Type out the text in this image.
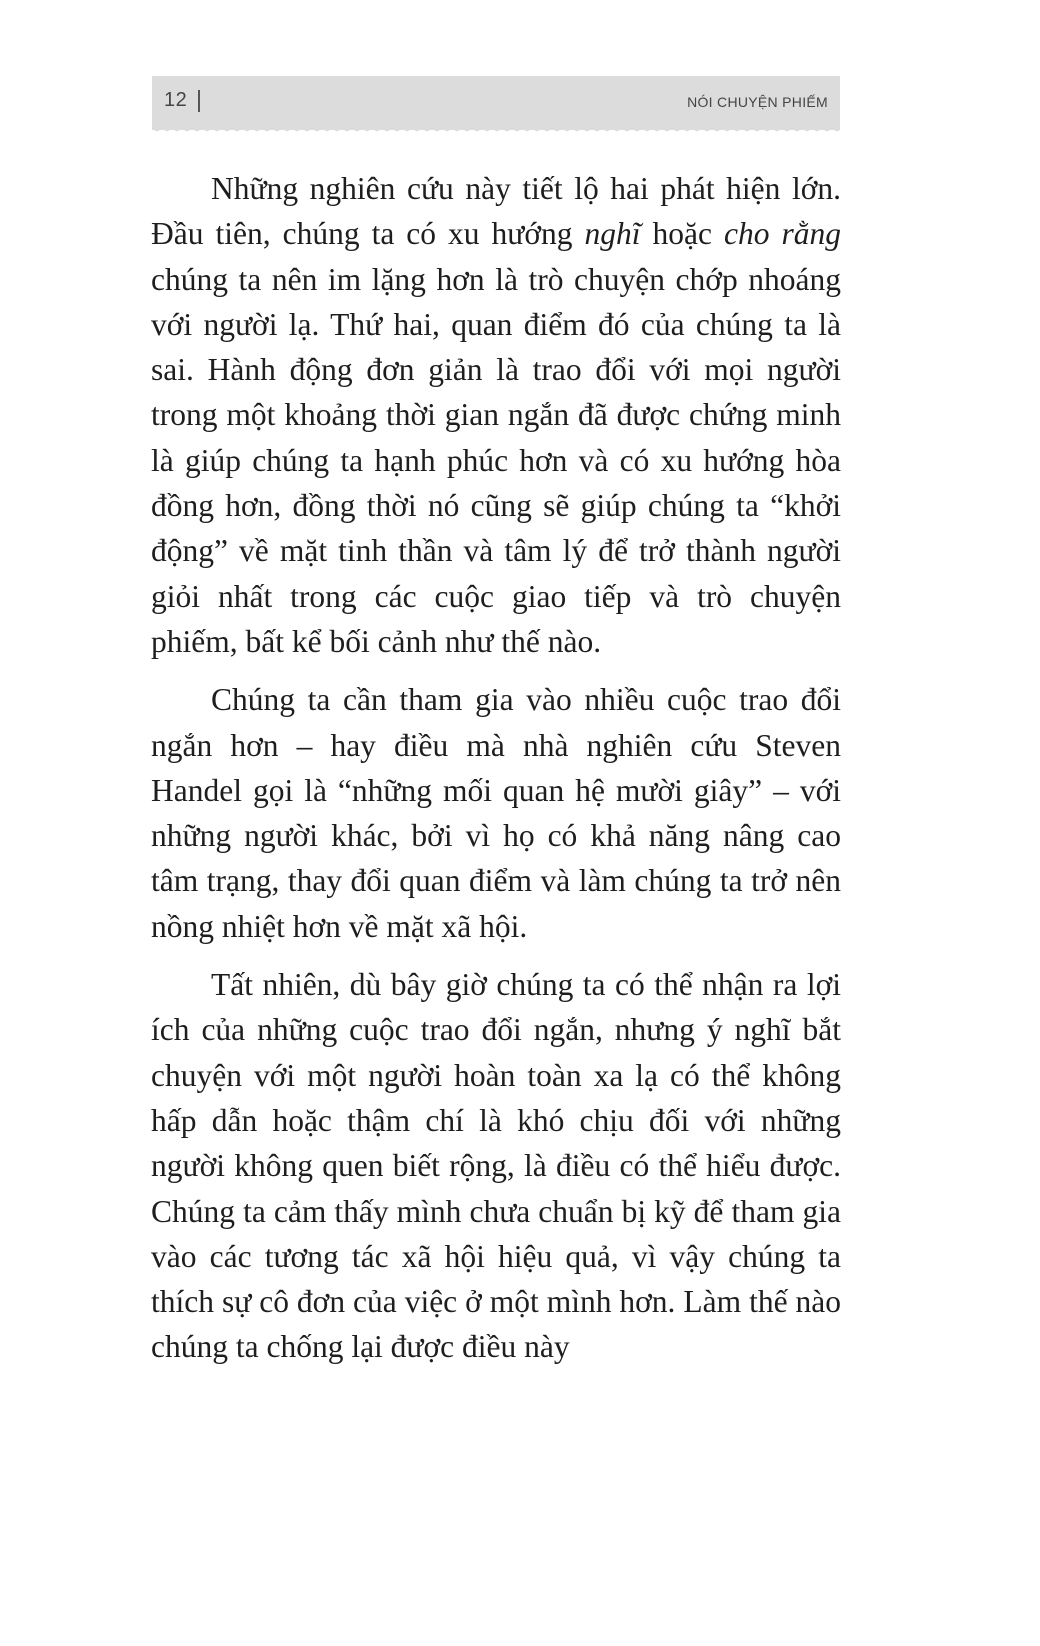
12	NÓI CHUYỆN PHIẾM

Những nghiên cứu này tiết lộ hai phát hiện lớn. Đầu tiên, chúng ta có xu hướng nghĩ hoặc cho rằng chúng ta nên im lặng hơn là trò chuyện chớp nhoáng với người lạ. Thứ hai, quan điểm đó của chúng ta là sai. Hành động đơn giản là trao đổi với mọi người trong một khoảng thời gian ngắn đã được chứng minh là giúp chúng ta hạnh phúc hơn và có xu hướng hòa đồng hơn, đồng thời nó cũng sẽ giúp chúng ta “khởi động” về mặt tinh thần và tâm lý để trở thành người giỏi nhất trong các cuộc giao tiếp và trò chuyện phiếm, bất kể bối cảnh như thế nào.

Chúng ta cần tham gia vào nhiều cuộc trao đổi ngắn hơn – hay điều mà nhà nghiên cứu Steven Handel gọi là “những mối quan hệ mười giây” – với những người khác, bởi vì họ có khả năng nâng cao tâm trạng, thay đổi quan điểm và làm chúng ta trở nên nồng nhiệt hơn về mặt xã hội.

Tất nhiên, dù bây giờ chúng ta có thể nhận ra lợi ích của những cuộc trao đổi ngắn, nhưng ý nghĩ bắt chuyện với một người hoàn toàn xa lạ có thể không hấp dẫn hoặc thậm chí là khó chịu đối với những người không quen biết rộng, là điều có thể hiểu được. Chúng ta cảm thấy mình chưa chuẩn bị kỹ để tham gia vào các tương tác xã hội hiệu quả, vì vậy chúng ta thích sự cô đơn của việc ở một mình hơn. Làm thế nào chúng ta chống lại được điều này
